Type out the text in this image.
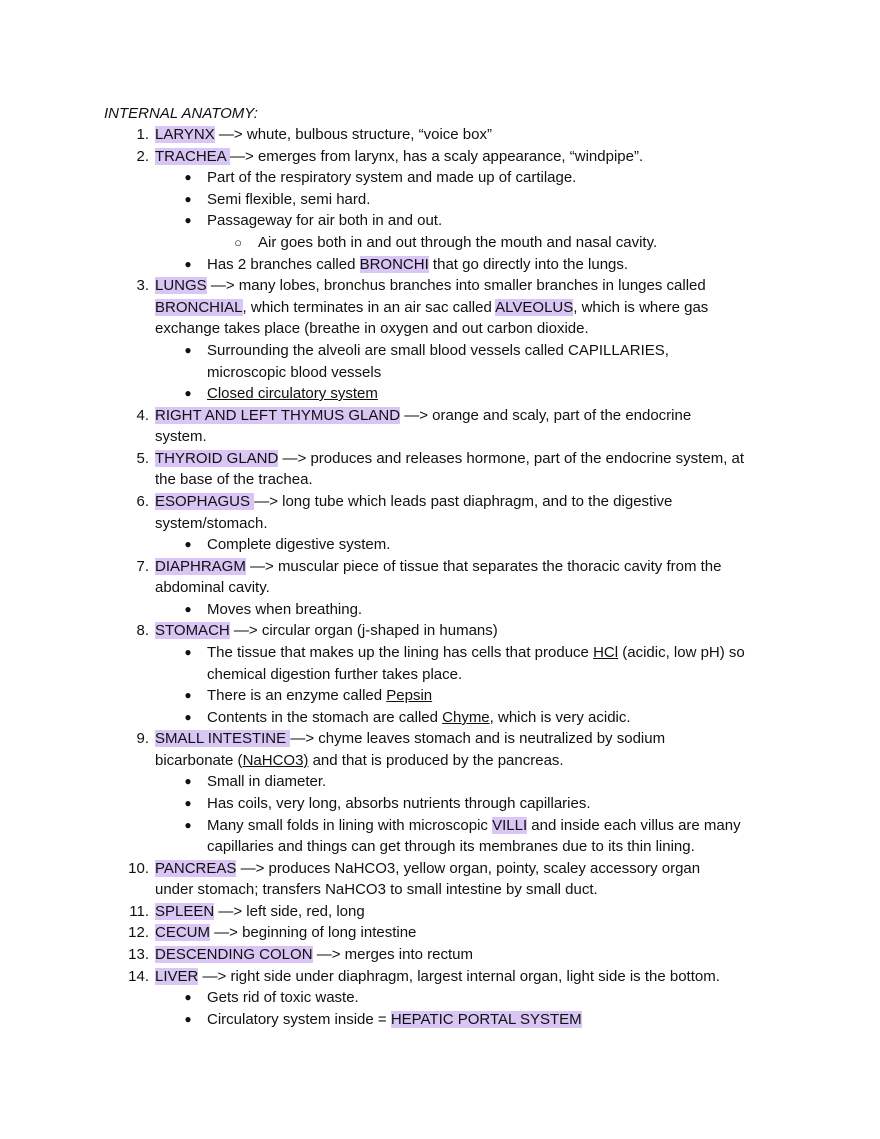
INTERNAL ANATOMY:
1. LARYNX —> whute, bulbous structure, “voice box”
2. TRACHEA —> emerges from larynx, has a scaly appearance, “windpipe”.
● Part of the respiratory system and made up of cartilage.
● Semi flexible, semi hard.
● Passageway for air both in and out.
○ Air goes both in and out through the mouth and nasal cavity.
● Has 2 branches called BRONCHI that go directly into the lungs.
3. LUNGS —> many lobes, bronchus branches into smaller branches in lunges called
BRONCHIAL, which terminates in an air sac called ALVEOLUS, which is where gas
exchange takes place (breathe in oxygen and out carbon dioxide.
● Surrounding the alveoli are small blood vessels called CAPILLARIES,
microscopic blood vessels
● Closed circulatory system
4. RIGHT AND LEFT THYMUS GLAND —> orange and scaly, part of the endocrine
system.
5. THYROID GLAND —> produces and releases hormone, part of the endocrine system, at
the base of the trachea.
6. ESOPHAGUS —> long tube which leads past diaphragm, and to the digestive
system/stomach.
● Complete digestive system.
7. DIAPHRAGM —> muscular piece of tissue that separates the thoracic cavity from the
abdominal cavity.
● Moves when breathing.
8. STOMACH —> circular organ (j-shaped in humans)
● The tissue that makes up the lining has cells that produce HCl (acidic, low pH) so
chemical digestion further takes place.
● There is an enzyme called Pepsin
● Contents in the stomach are called Chyme, which is very acidic.
9. SMALL INTESTINE —> chyme leaves stomach and is neutralized by sodium
bicarbonate (NaHCO3) and that is produced by the pancreas.
● Small in diameter.
● Has coils, very long, absorbs nutrients through capillaries.
● Many small folds in lining with microscopic VILLI and inside each villus are many
capillaries and things can get through its membranes due to its thin lining.
10. PANCREAS —> produces NaHCO3, yellow organ, pointy, scaley accessory organ
under stomach; transfers NaHCO3 to small intestine by small duct.
11. SPLEEN —> left side, red, long
12. CECUM —> beginning of long intestine
13. DESCENDING COLON —> merges into rectum
14. LIVER —> right side under diaphragm, largest internal organ, light side is the bottom.
● Gets rid of toxic waste.
● Circulatory system inside = HEPATIC PORTAL SYSTEM
